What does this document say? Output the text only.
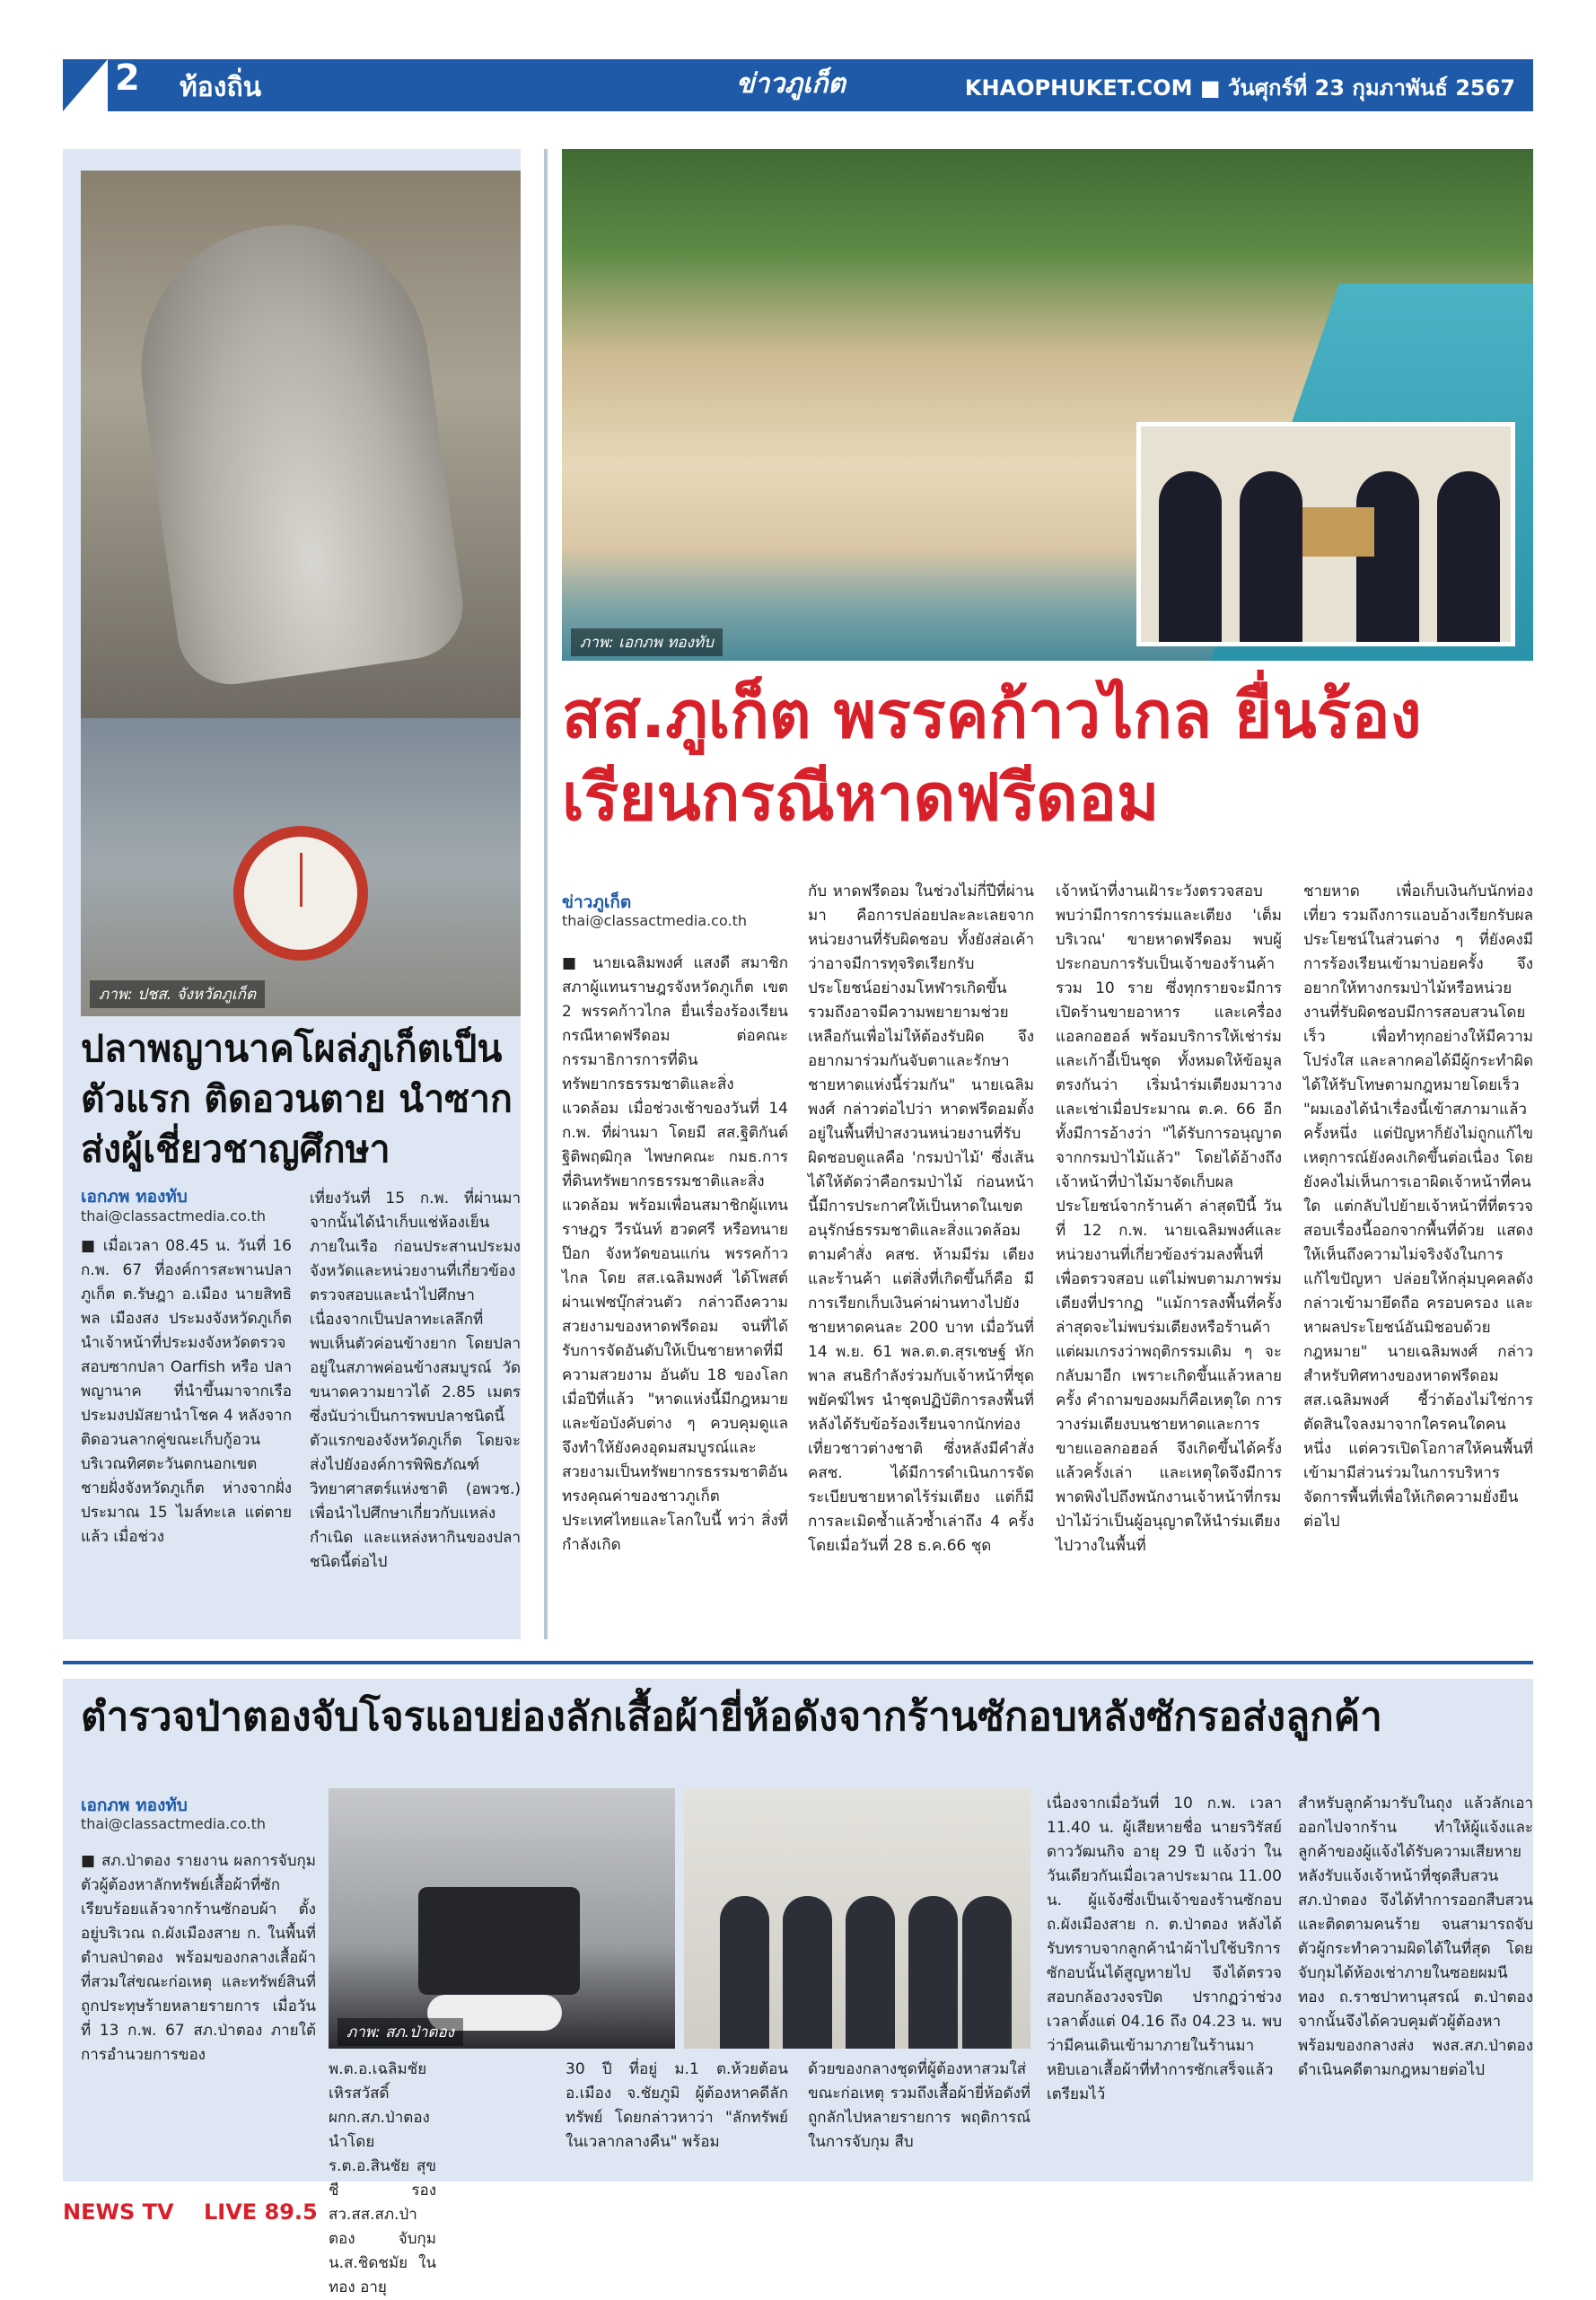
2 ท้องถิ่น	ข่าวภูเก็ต	KHAOPHUKET.COM ■ วันศุกร์ที่ 23 กุมภาพันธ์ 2567
ภาพ: ปชส. จังหวัดภูเก็ต
ปลาพญานาคโผล่ภูเก็ตเป็นตัวแรก ติดอวนตาย นำซากส่งผู้เชี่ยวชาญศึกษา
เอกภพ ทองทับ
thai@classactmedia.co.th
■ เมื่อเวลา 08.45 น. วันที่ 16 ก.พ. 67 ที่องค์การสะพานปลาภูเก็ต ต.รัษฎา อ.เมือง นายสิทธิพล เมืองสง ประมงจังหวัดภูเก็ตนำเจ้าหน้าที่ประมงจังหวัดตรวจสอบซากปลา Oarfish หรือ ปลาพญานาค ที่นำขึ้นมาจากเรือประมงปมัสยานำโชค 4 หลังจากติดอวนลากคู่ขณะเก็บกู้อวนบริเวณทิศตะวันตกนอกเขตชายฝั่งจังหวัดภูเก็ต ห่างจากฝั่งประมาณ 15 ไมล์ทะเล แต่ตายแล้ว เมื่อช่วง
เที่ยงวันที่ 15 ก.พ. ที่ผ่านมา จากนั้นได้นำเก็บแช่ห้องเย็นภายในเรือ ก่อนประสานประมงจังหวัดและหน่วยงานที่เกี่ยวข้องตรวจสอบและนำไปศึกษา เนื่องจากเป็นปลาทะเลลึกที่พบเห็นตัวค่อนข้างยาก โดยปลาอยู่ในสภาพค่อนข้างสมบูรณ์ วัดขนาดความยาวได้ 2.85 เมตร ซึ่งนับว่าเป็นการพบปลาชนิดนี้ตัวแรกของจังหวัดภูเก็ต โดยจะส่งไปยังองค์การพิพิธภัณฑ์วิทยาศาสตร์แห่งชาติ (อพวช.) เพื่อนำไปศึกษาเกี่ยวกับแหล่งกำเนิด และแหล่งหากินของปลาชนิดนี้ต่อไป
ภาพ: เอกภพ ทองทับ
สส.ภูเก็ต พรรคก้าวไกล ยื่นร้องเรียนกรณีหาดฟรีดอม
ข่าวภูเก็ต
thai@classactmedia.co.th
■ นายเฉลิมพงศ์ แสงดี สมาชิกสภาผู้แทนราษฎรจังหวัดภูเก็ต เขต 2 พรรคก้าวไกล ยื่นเรื่องร้องเรียนกรณีหาดฟรีดอม ต่อคณะกรรมาธิการการที่ดิน ทรัพยากรธรรมชาติและสิ่งแวดล้อม เมื่อช่วงเช้าของวันที่ 14 ก.พ. ที่ผ่านมา โดยมี สส.ฐิติกันต์ ฐิติพฤฒิกุล ไพษกคณะ กมธ.การที่ดินทรัพยากรธรรมชาติและสิ่งแวดล้อม พร้อมเพื่อนสมาชิกผู้แทนราษฎร วีรนันท์ ฮวดศรี หรือทนายป๊อก จังหวัดขอนแก่น พรรคก้าวไกล โดย สส.เฉลิมพงศ์ ได้โพสต์ผ่านเฟซบุ๊กส่วนตัว กล่าวถึงความสวยงามของหาดฟรีดอม จนที่ได้รับการจัดอันดับให้เป็นชายหาดที่มีความสวยงาม อันดับ 18 ของโลกเมื่อปีที่แล้ว "หาดแห่งนี้มีกฎหมายและข้อบังคับต่าง ๆ ควบคุมดูแล จึงทำให้ยังคงอุดมสมบูรณ์และสวยงามเป็นทรัพยากรธรรมชาติอันทรงคุณค่าของชาวภูเก็ต ประเทศไทยและโลกใบนี้ ทว่า สิ่งที่กำลังเกิด
กับ หาดฟรีดอม ในช่วงไม่กี่ปีที่ผ่านมา คือการปล่อยปละละเลยจากหน่วยงานที่รับผิดชอบ ทั้งยังส่อเค้าว่าอาจมีการทุจริตเรียกรับประโยชน์อย่างมโหฬารเกิดขึ้น รวมถึงอาจมีความพยายามช่วยเหลือกันเพื่อไม่ให้ต้องรับผิด จึงอยากมาร่วมกันจับตาและรักษาชายหาดแห่งนี้ร่วมกัน" นายเฉลิมพงศ์ กล่าวต่อไปว่า หาดฟรีดอมตั้งอยู่ในพื้นที่ป่าสงวนหน่วยงานที่รับผิดชอบดูแลคือ 'กรมป่าไม้' ซึ่งเส้นได้ให้ตัดว่าคือกรมป่าไม้ ก่อนหน้านี้มีการประกาศให้เป็นหาดในเขตอนุรักษ์ธรรมชาติและสิ่งแวดล้อม ตามคำสั่ง คสช. ห้ามมีร่ม เตียง และร้านค้า แต่สิ่งที่เกิดขึ้นก็คือ มีการเรียกเก็บเงินค่าผ่านทางไปยังชายหาดคนละ 200 บาท เมื่อวันที่ 14 พ.ย. 61 พล.ต.ต.สุรเชษฐ์ หักพาล สนธิกำลังร่วมกับเจ้าหน้าที่ชุดพยัคฆ์ไพร นำชุดปฏิบัติการลงพื้นที่หลังได้รับข้อร้องเรียนจากนักท่องเที่ยวชาวต่างชาติ ซึ่งหลังมีคำสั่ง คสช. ได้มีการดำเนินการจัดระเบียบชายหาดไร้ร่มเตียง แต่ก็มีการละเมิดซ้ำแล้วซ้ำเล่าถึง 4 ครั้ง โดยเมื่อวันที่ 28 ธ.ค.66 ชุด
เจ้าหน้าที่งานเฝ้าระวังตรวจสอบพบว่ามีการการร่มและเตียง 'เต็มบริเวณ' ขายหาดฟรีดอม พบผู้ประกอบการรับเป็นเจ้าของร้านค้า รวม 10 ราย ซึ่งทุกรายจะมีการเปิดร้านขายอาหาร และเครื่องแอลกอฮอล์ พร้อมบริการให้เช่าร่มและเก้าอี้เป็นชุด ทั้งหมดให้ข้อมูลตรงกันว่า เริ่มนำร่มเตียงมาวาง และเช่าเมื่อประมาณ ต.ค. 66 อีกทั้งมีการอ้างว่า "ได้รับการอนุญาตจากกรมป่าไม้แล้ว" โดยได้อ้างถึงเจ้าหน้าที่ป่าไม้มาจัดเก็บผลประโยชน์จากร้านค้า ล่าสุดปีนี้ วันที่ 12 ก.พ. นายเฉลิมพงศ์และหน่วยงานที่เกี่ยวข้องร่วมลงพื้นที่เพื่อตรวจสอบ แต่ไม่พบตามภาพร่มเตียงที่ปรากฏ "แม้การลงพื้นที่ครั้งล่าสุดจะไม่พบร่มเตียงหรือร้านค้า แต่ผมเกรงว่าพฤติกรรมเดิม ๆ จะกลับมาอีก เพราะเกิดขึ้นแล้วหลายครั้ง คำถามของผมก็คือเหตุใด การวางร่มเตียงบนชายหาดและการขายแอลกอฮอล์ จึงเกิดขึ้นได้ครั้งแล้วครั้งเล่า และเหตุใดจึงมีการพาดพิงไปถึงพนักงานเจ้าหน้าที่กรมป่าไม้ว่าเป็นผู้อนุญาตให้นำร่มเตียงไปวางในพื้นที่
ชายหาด เพื่อเก็บเงินกับนักท่องเที่ยว รวมถึงการแอบอ้างเรียกรับผลประโยชน์ในส่วนต่าง ๆ ที่ยังคงมีการร้องเรียนเข้ามาบ่อยครั้ง จึงอยากให้ทางกรมป่าไม้หรือหน่วยงานที่รับผิดชอบมีการสอบสวนโดยเร็ว เพื่อทำทุกอย่างให้มีความโปร่งใส และลากคอได้มีผู้กระทำผิดได้ให้รับโทษตามกฎหมายโดยเร็ว "ผมเองได้นำเรื่องนี้เข้าสภามาแล้วครั้งหนึ่ง แต่ปัญหาก็ยังไม่ถูกแก้ไข เหตุการณ์ยังคงเกิดขึ้นต่อเนื่อง โดยยังคงไม่เห็นการเอาผิดเจ้าหน้าที่คนใด แต่กลับไปย้ายเจ้าหน้าที่ที่ตรวจสอบเรื่องนี้ออกจากพื้นที่ด้วย แสดงให้เห็นถึงความไม่จริงจังในการแก้ไขปัญหา ปล่อยให้กลุ่มบุคคลดังกล่าวเข้ามายึดถือ ครอบครอง และหาผลประโยชน์อันมิชอบด้วยกฎหมาย" นายเฉลิมพงศ์ กล่าว สำหรับทิศทางของหาดฟรีดอม สส.เฉลิมพงศ์ ชี้ว่าต้องไม่ใช่การตัดสินใจลงมาจากใครคนใดคนหนึ่ง แต่ควรเปิดโอกาสให้คนพื้นที่เข้ามามีส่วนร่วมในการบริหารจัดการพื้นที่เพื่อให้เกิดความยั่งยืนต่อไป
ตำรวจป่าตองจับโจรแอบย่องลักเสื้อผ้ายี่ห้อดังจากร้านซักอบหลังซักรอส่งลูกค้า
เอกภพ ทองทับ
thai@classactmedia.co.th
■ สภ.ป่าตอง รายงาน ผลการจับกุมตัวผู้ต้องหาลักทรัพย์เสื้อผ้าที่ซักเรียบร้อยแล้วจากร้านซักอบผ้า ตั้งอยู่บริเวณ ถ.ผังเมืองสาย ก. ในพื้นที่ตำบลป่าตอง พร้อมของกลางเสื้อผ้าที่สวมใส่ขณะก่อเหตุ และทรัพย์สินที่ถูกประทุษร้ายหลายรายการ เมื่อวันที่ 13 ก.พ. 67 สภ.ป่าตอง ภายใต้การอำนวยการของ
ภาพ: สภ.ป่าตอง
พ.ต.อ.เฉลิมชัย เหิรสวัสดิ์ ผกก.สภ.ป่าตอง นำโดย ร.ต.อ.สินชัย สุขชี รอง สว.สส.สภ.ป่าตอง จับกุม น.ส.ชิดชมัย ในทอง อายุ
30 ปี ที่อยู่ ม.1 ต.ห้วยต้อน อ.เมือง จ.ชัยภูมิ ผู้ต้องหาคดีลักทรัพย์ โดยกล่าวหาว่า "ลักทรัพย์ในเวลากลางคืน" พร้อม
ด้วยของกลางชุดที่ผู้ต้องหาสวมใส่ขณะก่อเหตุ รวมถึงเสื้อผ้ายี่ห้อดังที่ถูกลักไปหลายรายการ พฤติการณ์ในการจับกุม สืบ
เนื่องจากเมื่อวันที่ 10 ก.พ. เวลา 11.40 น. ผู้เสียหายชื่อ นายรวิรัสย์ ดาววัฒนกิจ อายุ 29 ปี แจ้งว่า ในวันเดียวกันเมื่อเวลาประมาณ 11.00 น. ผู้แจ้งซึ่งเป็นเจ้าของร้านซักอบ ถ.ผังเมืองสาย ก. ต.ป่าตอง หลังได้รับทราบจากลูกค้านำผ้าไปใช้บริการซักอบนั้นได้สูญหายไป จึงได้ตรวจสอบกล้องวงจรปิด ปรากฏว่าช่วงเวลาตั้งแต่ 04.16 ถึง 04.23 น. พบว่ามีคนเดินเข้ามาภายในร้านมาหยิบเอาเสื้อผ้าที่ทำการซักเสร็จแล้ว เตรียมไว้
สำหรับลูกค้ามารับในถุง แล้วลักเอาออกไปจากร้าน ทำให้ผู้แจ้งและลูกค้าของผู้แจ้งได้รับความเสียหาย หลังรับแจ้งเจ้าหน้าที่ชุดสืบสวน สภ.ป่าตอง จึงได้ทำการออกสืบสวนและติดตามคนร้าย จนสามารถจับตัวผู้กระทำความผิดได้ในที่สุด โดยจับกุมได้ห้องเช่าภายในซอยผมนีทอง ถ.ราชปาทานุสรณ์ ต.ป่าตอง จากนั้นจึงได้ควบคุมตัวผู้ต้องหาพร้อมของกลางส่ง พงส.สภ.ป่าตอง ดำเนินคดีตามกฎหมายต่อไป
NEWS TV LIVE 89.5
